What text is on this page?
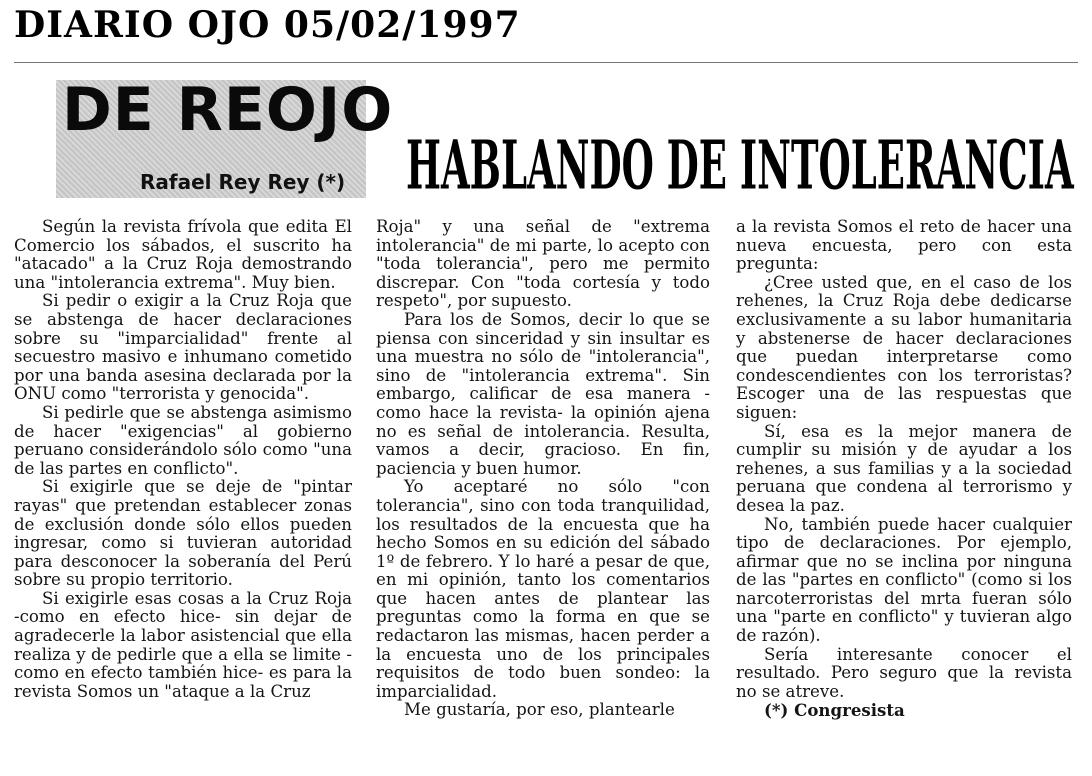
DIARIO OJO 05/02/1997
DE REOJO
Rafael Rey Rey (*) HABLANDO DE INTOLERANCIA

Según la revista frívola que edita El Comercio los sábados, el suscrito ha "atacado" a la Cruz Roja demostrando una "intolerancia extrema". Muy bien.

Si pedir o exigir a la Cruz Roja que se abstenga de hacer declaraciones sobre su "imparcialidad" frente al secuestro masivo e inhumano cometido por una banda asesina declarada por la ONU como "terrorista y genocida".

Si pedirle que se abstenga asimismo de hacer "exigencias" al gobierno peruano considerándolo sólo como "una de las partes en conflicto".

Si exigirle que se deje de "pintar rayas" que pretendan establecer zonas de exclusión donde sólo ellos pueden ingresar, como si tuvieran autoridad para desconocer la soberanía del Perú sobre su propio territorio.

Si exigirle esas cosas a la Cruz Roja -como en efecto hice- sin dejar de agradecerle la labor asistencial que ella realiza y de pedirle que a ella se limite -como en efecto también hice- es para la revista Somos un "ataque a la Cruz

Roja" y una señal de "extrema intolerancia" de mi parte, lo acepto con "toda tolerancia", pero me permito discrepar. Con "toda cortesía y todo respeto", por supuesto.

Para los de Somos, decir lo que se piensa con sinceridad y sin insultar es una muestra no sólo de "intolerancia", sino de "intolerancia extrema". Sin embargo, calificar de esa manera -como hace la revista- la opinión ajena no es señal de intolerancia. Resulta, vamos a decir, gracioso. En fin, paciencia y buen humor.

Yo aceptaré no sólo "con tolerancia", sino con toda tranquilidad, los resultados de la encuesta que ha hecho Somos en su edición del sábado 1º de febrero. Y lo haré a pesar de que, en mi opinión, tanto los comentarios que hacen antes de plantear las preguntas como la forma en que se redactaron las mismas, hacen perder a la encuesta uno de los principales requisitos de todo buen sondeo: la imparcialidad.

Me gustaría, por eso, plantearle

a la revista Somos el reto de hacer una nueva encuesta, pero con esta pregunta:

¿Cree usted que, en el caso de los rehenes, la Cruz Roja debe dedicarse exclusivamente a su labor humanitaria y abstenerse de hacer declaraciones que puedan interpretarse como condescendientes con los terroristas? Escoger una de las respuestas que siguen:

Sí, esa es la mejor manera de cumplir su misión y de ayudar a los rehenes, a sus familias y a la sociedad peruana que condena al terrorismo y desea la paz.

No, también puede hacer cualquier tipo de declaraciones. Por ejemplo, afirmar que no se inclina por ninguna de las "partes en conflicto" (como si los narcoterroristas del mrta fueran sólo una "parte en conflicto" y tuvieran algo de razón).

Sería interesante conocer el resultado. Pero seguro que la revista no se atreve.

(*) Congresista
